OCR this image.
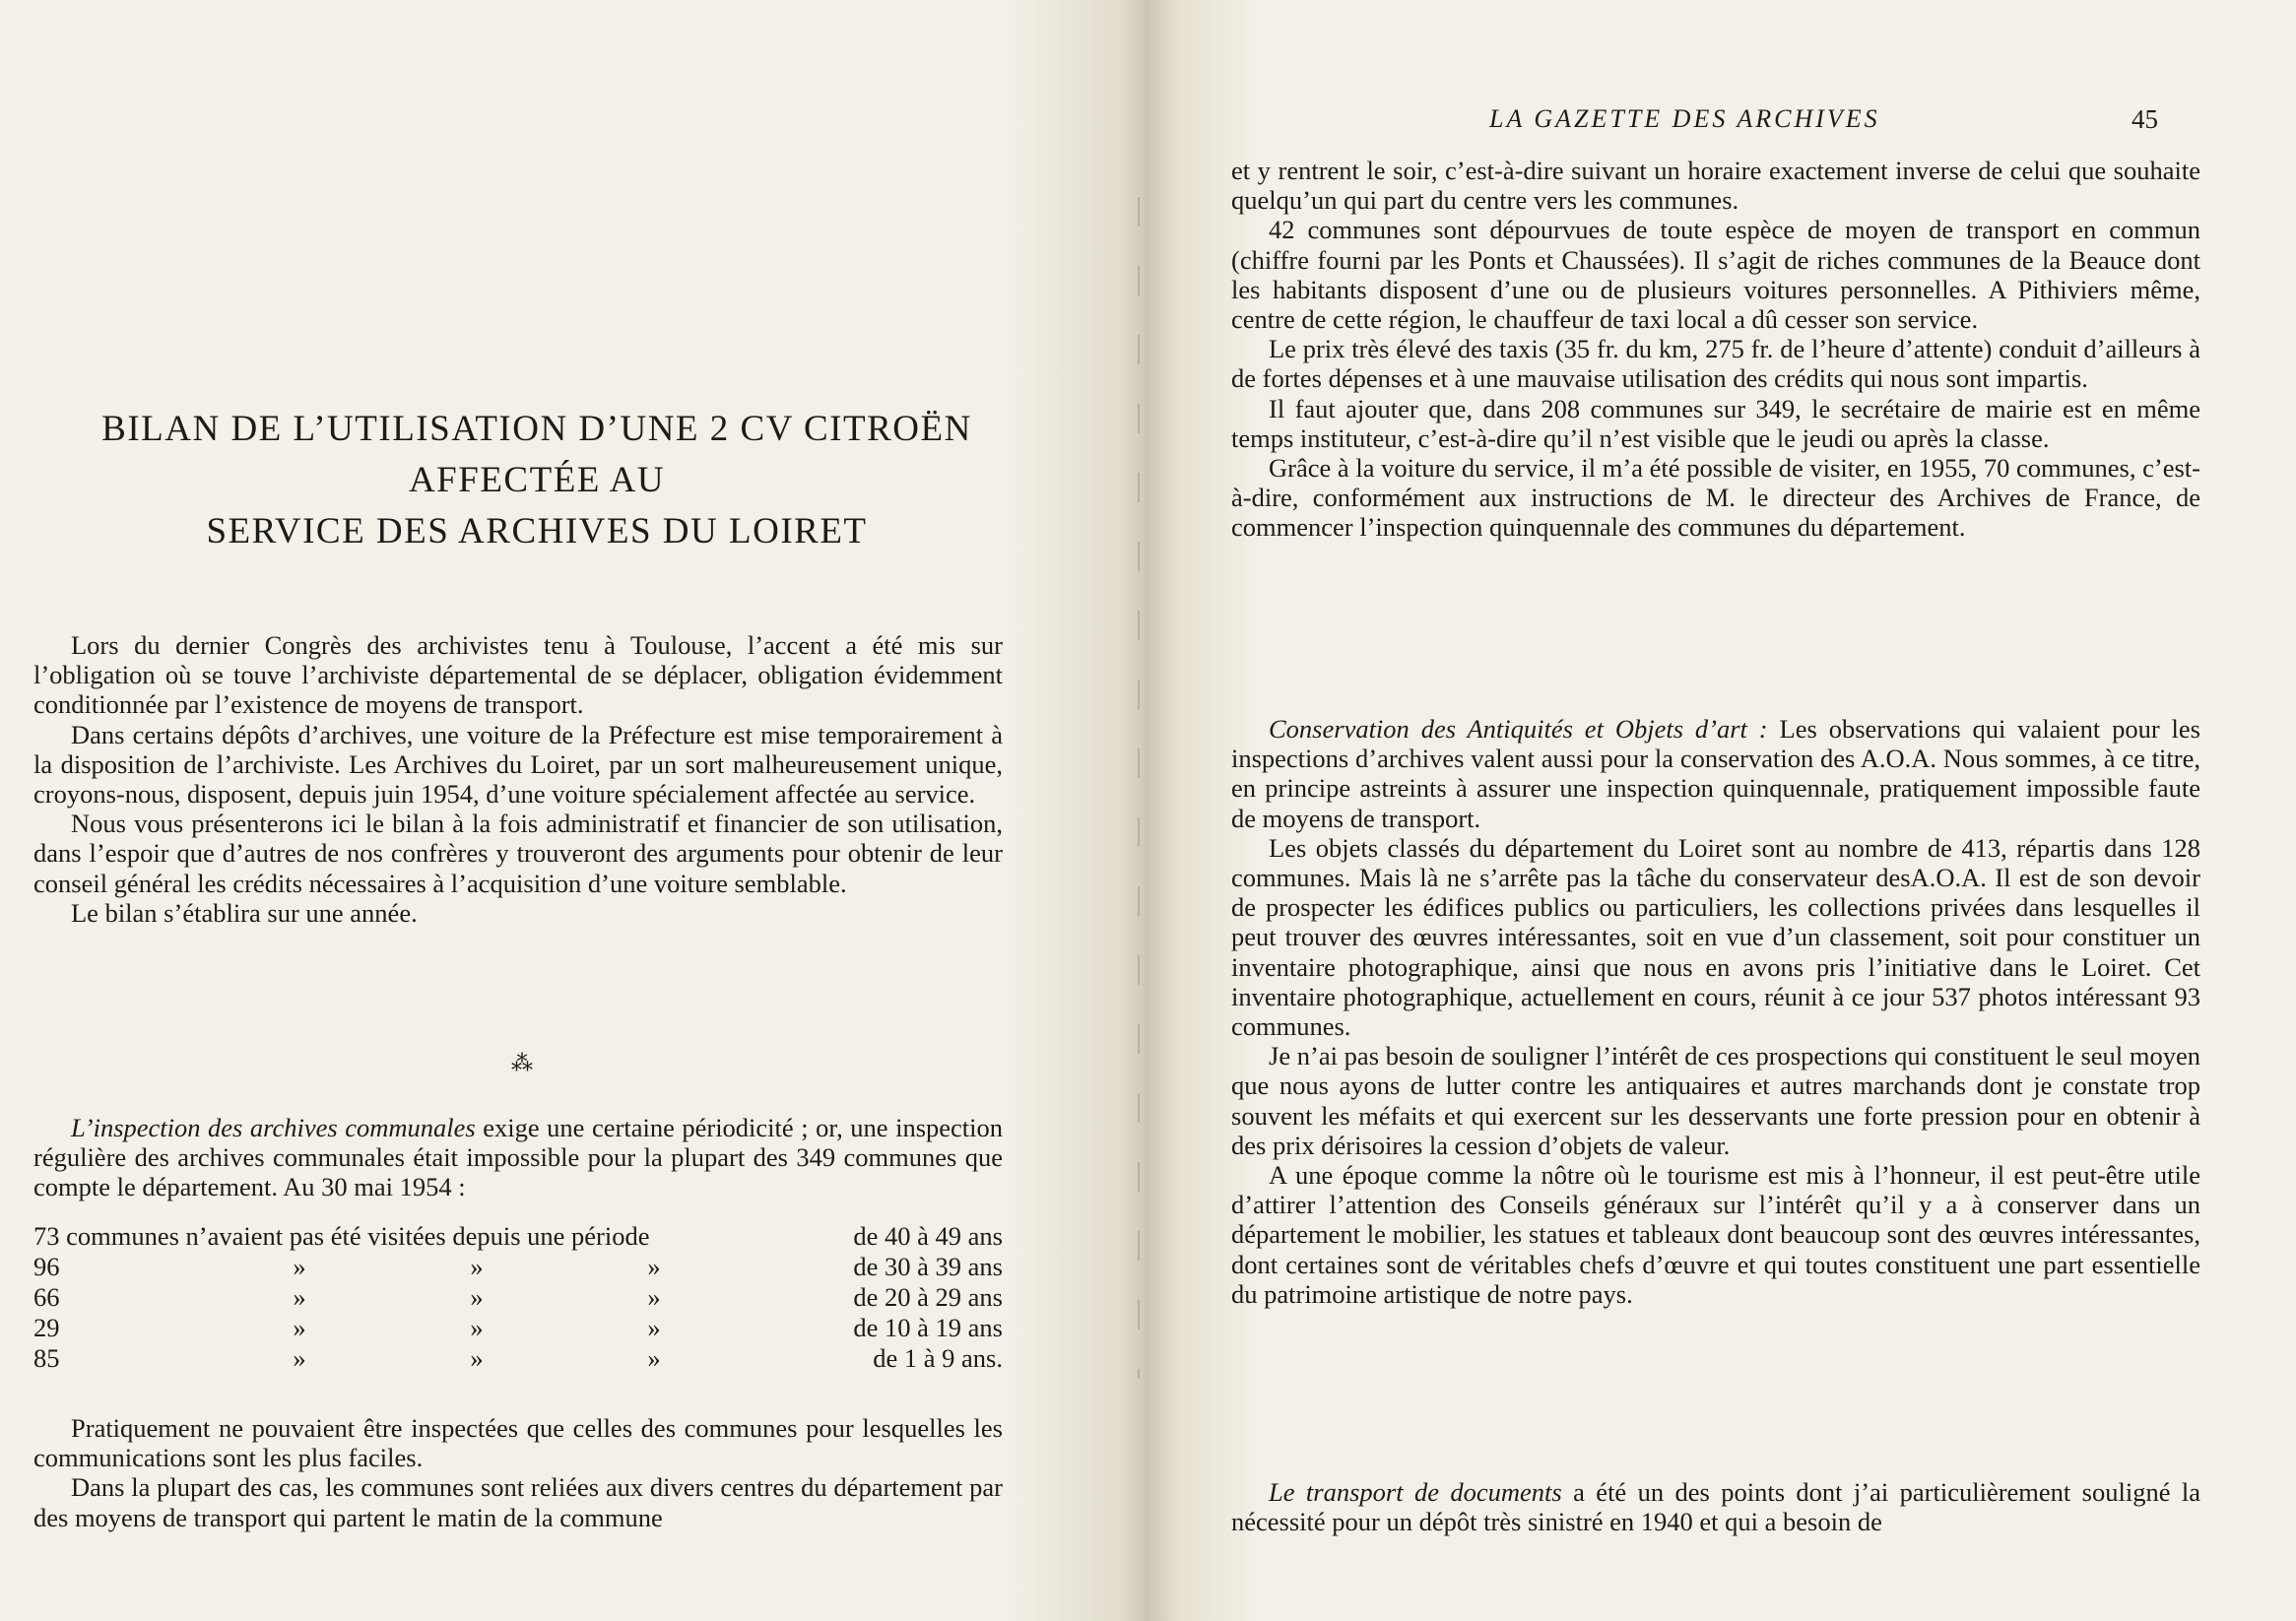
BILAN DE L’UTILISATION D’UNE 2 CV CITROËN
AFFECTÉE AU
SERVICE DES ARCHIVES DU LOIRET

Lors du dernier Congrès des archivistes tenu à Toulouse, l’accent a été mis sur l’obligation où se touve l’archiviste départemental de se déplacer, obligation évidemment conditionnée par l’existence de moyens de transport.

Dans certains dépôts d’archives, une voiture de la Préfecture est mise temporairement à la disposition de l’archiviste. Les Archives du Loiret, par un sort malheureusement unique, croyons-nous, disposent, depuis juin 1954, d’une voiture spécialement affectée au service.

Nous vous présenterons ici le bilan à la fois administratif et financier de son utilisation, dans l’espoir que d’autres de nos confrères y trouveront des arguments pour obtenir de leur conseil général les crédits nécessaires à l’acquisition d’une voiture semblable.

Le bilan s’établira sur une année.

⁂

L’inspection des archives communales exige une certaine périodicité ; or, une inspection régulière des archives communales était impossible pour la plupart des 349 communes que compte le département. Au 30 mai 1954 :

73 communes n’avaient pas été visitées depuis une période				de 40 à 49 ans
96	»	»	»	de 30 à 39 ans
66	»	»	»	de 20 à 29 ans
29	»	»	»	de 10 à 19 ans
85	»	»	»	de 1 à 9 ans.

Pratiquement ne pouvaient être inspectées que celles des communes pour lesquelles les communications sont les plus faciles.

Dans la plupart des cas, les communes sont reliées aux divers centres du département par des moyens de transport qui partent le matin de la commune

LA GAZETTE DES ARCHIVES	45

et y rentrent le soir, c’est-à-dire suivant un horaire exactement inverse de celui que souhaite quelqu’un qui part du centre vers les communes.

42 communes sont dépourvues de toute espèce de moyen de transport en commun (chiffre fourni par les Ponts et Chaussées). Il s’agit de riches communes de la Beauce dont les habitants disposent d’une ou de plusieurs voitures personnelles. A Pithiviers même, centre de cette région, le chauffeur de taxi local a dû cesser son service.

Le prix très élevé des taxis (35 fr. du km, 275 fr. de l’heure d’attente) conduit d’ailleurs à de fortes dépenses et à une mauvaise utilisation des crédits qui nous sont impartis.

Il faut ajouter que, dans 208 communes sur 349, le secrétaire de mairie est en même temps instituteur, c’est-à-dire qu’il n’est visible que le jeudi ou après la classe.

Grâce à la voiture du service, il m’a été possible de visiter, en 1955, 70 communes, c’est-à-dire, conformément aux instructions de M. le directeur des Archives de France, de commencer l’inspection quinquennale des communes du département.

Conservation des Antiquités et Objets d’art : Les observations qui valaient pour les inspections d’archives valent aussi pour la conservation des A.O.A. Nous sommes, à ce titre, en principe astreints à assurer une inspection quinquennale, pratiquement impossible faute de moyens de transport.

Les objets classés du département du Loiret sont au nombre de 413, répartis dans 128 communes. Mais là ne s’arrête pas la tâche du conservateur desA.O.A. Il est de son devoir de prospecter les édifices publics ou particuliers, les collections privées dans lesquelles il peut trouver des œuvres intéressantes, soit en vue d’un classement, soit pour constituer un inventaire photographique, ainsi que nous en avons pris l’initiative dans le Loiret. Cet inventaire photographique, actuellement en cours, réunit à ce jour 537 photos intéressant 93 communes.

Je n’ai pas besoin de souligner l’intérêt de ces prospections qui constituent le seul moyen que nous ayons de lutter contre les antiquaires et autres marchands dont je constate trop souvent les méfaits et qui exercent sur les desservants une forte pression pour en obtenir à des prix dérisoires la cession d’objets de valeur.

A une époque comme la nôtre où le tourisme est mis à l’honneur, il est peut-être utile d’attirer l’attention des Conseils généraux sur l’intérêt qu’il y a à conserver dans un département le mobilier, les statues et tableaux dont beaucoup sont des œuvres intéressantes, dont certaines sont de véritables chefs d’œuvre et qui toutes constituent une part essentielle du patrimoine artistique de notre pays.

Le transport de documents a été un des points dont j’ai particulièrement souligné la nécessité pour un dépôt très sinistré en 1940 et qui a besoin de
